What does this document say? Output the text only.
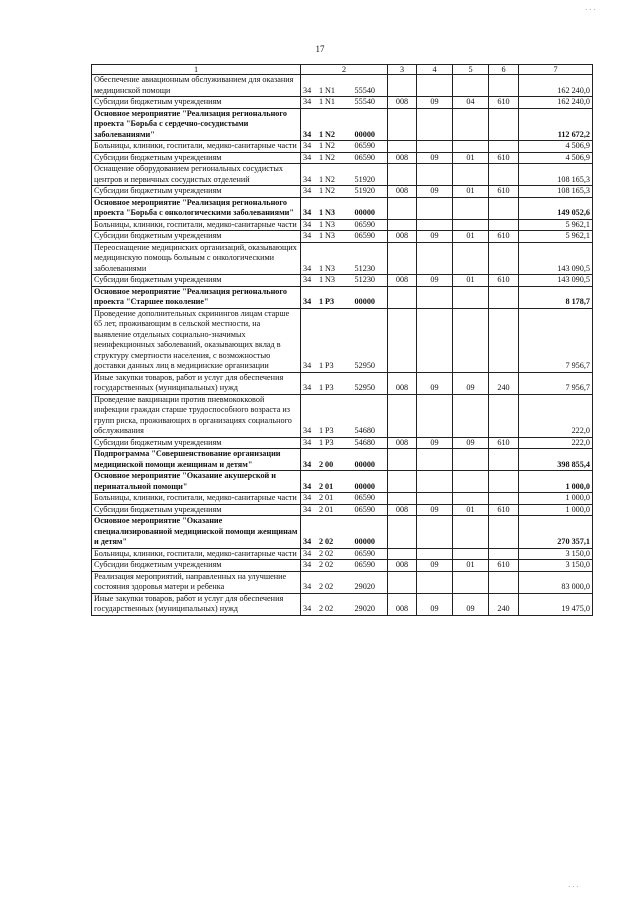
17
1	2	3	4	5	6	7
Обеспечение авиационным обслуживанием для оказания медицинской помощи	34 1 N1 55540					162 240,0
Субсидии бюджетным учреждениям	34 1 N1 55540	008	09	04	610	162 240,0
Основное мероприятие "Реализация регионального проекта "Борьба с сердечно-сосудистыми заболеваниями"	34 1 N2 00000					112 672,2
Больницы, клиники, госпитали, медико-санитарные части	34 1 N2 06590					4 506,9
Субсидии бюджетным учреждениям	34 1 N2 06590	008	09	01	610	4 506,9
Оснащение оборудованием региональных сосудистых центров и первичных сосудистых отделений	34 1 N2 51920					108 165,3
Субсидии бюджетным учреждениям	34 1 N2 51920	008	09	01	610	108 165,3
Основное мероприятие "Реализация регионального проекта "Борьба с онкологическими заболеваниями"	34 1 N3 00000					149 052,6
Больницы, клиники, госпитали, медико-санитарные части	34 1 N3 06590					5 962,1
Субсидии бюджетным учреждениям	34 1 N3 06590	008	09	01	610	5 962,1
Переоснащение медицинских организаций, оказывающих медицинскую помощь больным с онкологическими заболеваниями	34 1 N3 51230					143 090,5
Субсидии бюджетным учреждениям	34 1 N3 51230	008	09	01	610	143 090,5
Основное мероприятие "Реализация регионального проекта "Старшее поколение"	34 1 P3 00000					8 178,7
Проведение дополнительных скринингов лицам старше 65 лет, проживающим в сельской местности, на выявление отдельных социально-значимых неинфекционных заболеваний, оказывающих вклад в структуру смертности населения, с возможностью доставки данных лиц в медицинские организации	34 1 P3 52950					7 956,7
Иные закупки товаров, работ и услуг для обеспечения государственных (муниципальных) нужд	34 1 P3 52950	008	09	09	240	7 956,7
Проведение вакцинации против пневмококковой инфекции граждан старше трудоспособного возраста из групп риска, проживающих в организациях социального обслуживания	34 1 P3 54680					222,0
Субсидии бюджетным учреждениям	34 1 P3 54680	008	09	09	610	222,0
Подпрограмма "Совершенствование организации медицинской помощи женщинам и детям"	34 2 00 00000					398 855,4
Основное мероприятие "Оказание акушерской и перинатальной помощи"	34 2 01 00000					1 000,0
Больницы, клиники, госпитали, медико-санитарные части	34 2 01 06590					1 000,0
Субсидии бюджетным учреждениям	34 2 01 06590	008	09	01	610	1 000,0
Основное мероприятие "Оказание специализированной медицинской помощи женщинам и детям"	34 2 02 00000					270 357,1
Больницы, клиники, госпитали, медико-санитарные части	34 2 02 06590					3 150,0
Субсидии бюджетным учреждениям	34 2 02 06590	008	09	01	610	3 150,0
Реализация мероприятий, направленных на улучшение состояния здоровья матери и ребенка	34 2 02 29020					83 000,0
Иные закупки товаров, работ и услуг для обеспечения государственных (муниципальных) нужд	34 2 02 29020	008	09	09	240	19 475,0
· · ·
· · ·
